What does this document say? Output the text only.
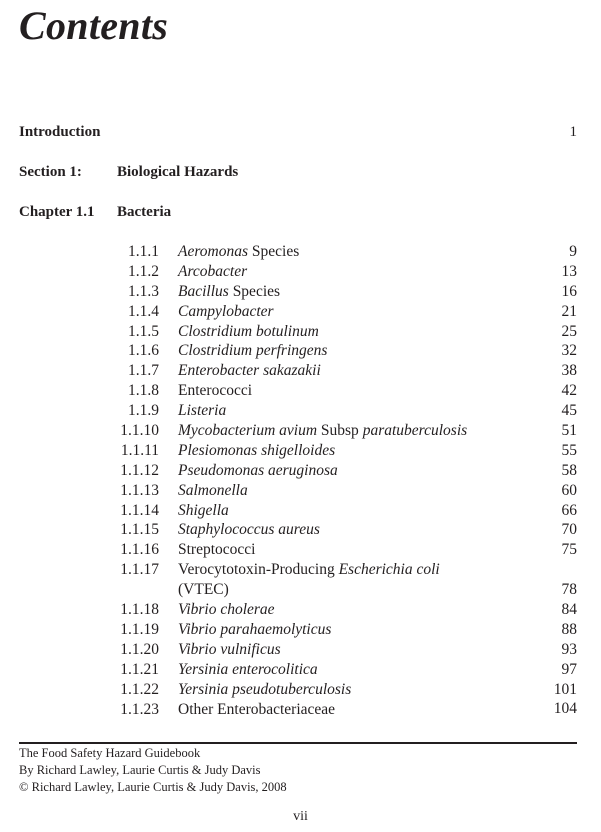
Contents
Introduction	1
Section 1: Biological Hazards
Chapter 1.1 Bacteria
1.1.1 Aeromonas Species	9
1.1.2 Arcobacter	13
1.1.3 Bacillus Species	16
1.1.4 Campylobacter	21
1.1.5 Clostridium botulinum	25
1.1.6 Clostridium perfringens	32
1.1.7 Enterobacter sakazakii	38
1.1.8 Enterococci	42
1.1.9 Listeria	45
1.1.10 Mycobacterium avium Subsp paratuberculosis	51
1.1.11 Plesiomonas shigelloides	55
1.1.12 Pseudomonas aeruginosa	58
1.1.13 Salmonella	60
1.1.14 Shigella	66
1.1.15 Staphylococcus aureus	70
1.1.16 Streptococci	75
1.1.17 Verocytotoxin-Producing Escherichia coli
(VTEC)	78
1.1.18 Vibrio cholerae	84
1.1.19 Vibrio parahaemolyticus	88
1.1.20 Vibrio vulnificus	93
1.1.21 Yersinia enterocolitica	97
1.1.22 Yersinia pseudotuberculosis	101
1.1.23 Other Enterobacteriaceae	104
The Food Safety Hazard Guidebook
By Richard Lawley, Laurie Curtis & Judy Davis
© Richard Lawley, Laurie Curtis & Judy Davis, 2008
vii
